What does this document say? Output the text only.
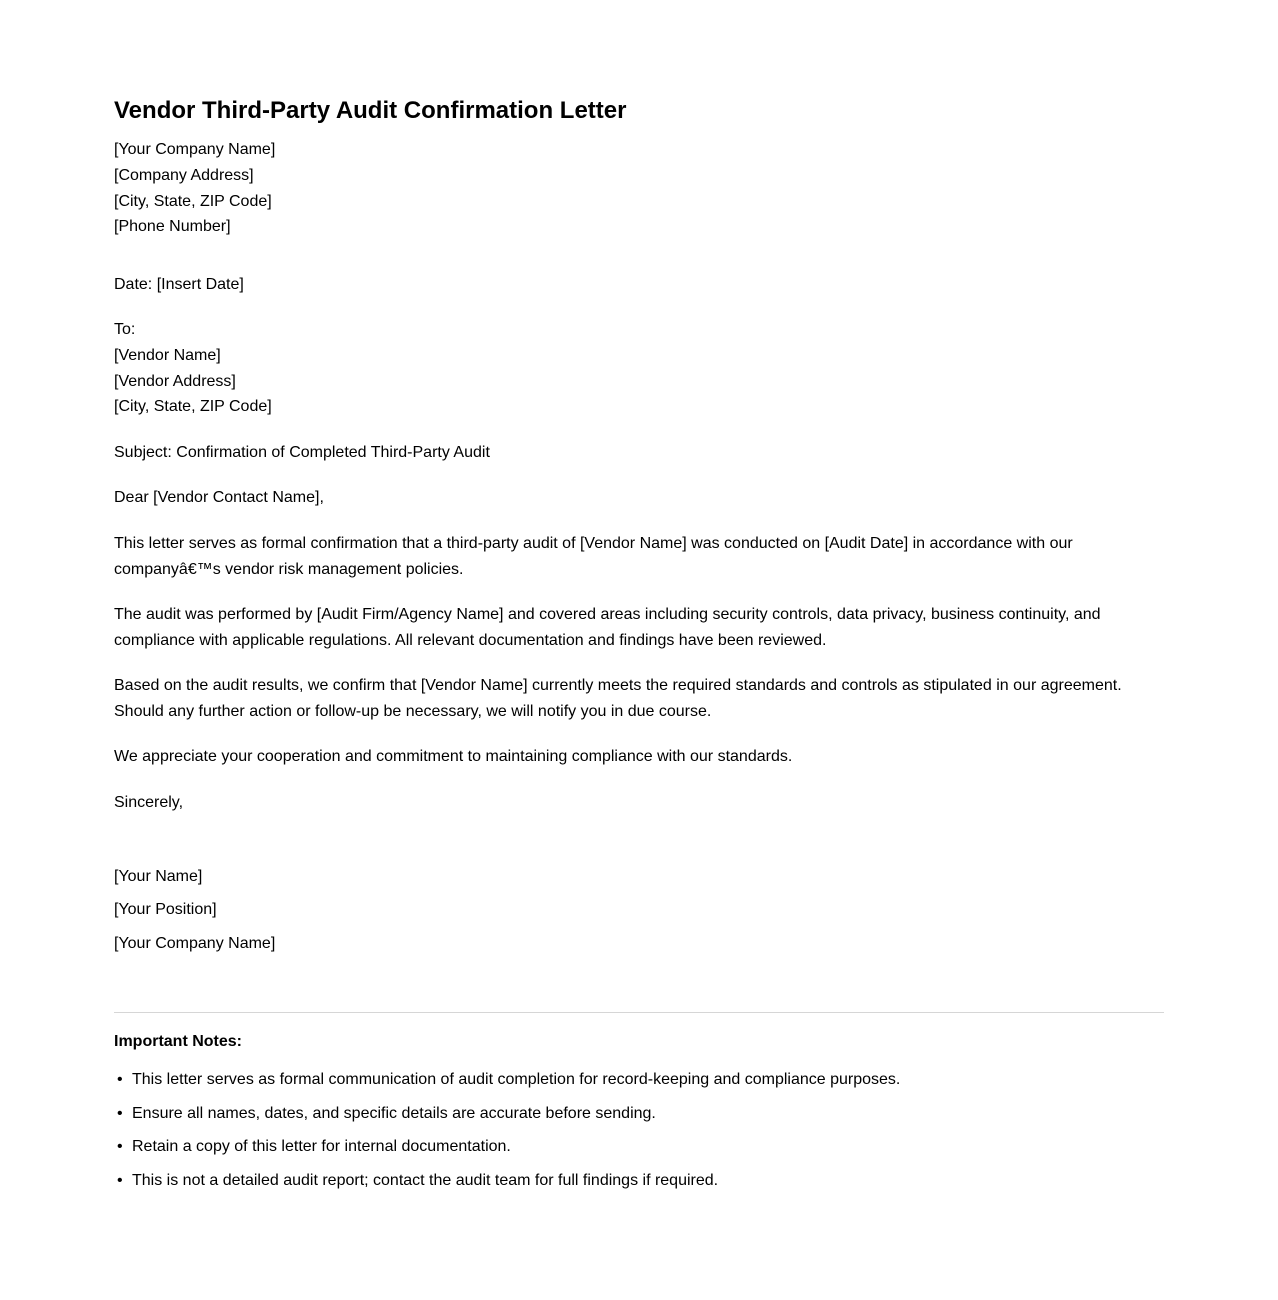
Vendor Third-Party Audit Confirmation Letter
[Your Company Name]
[Company Address]
[City, State, ZIP Code]
[Phone Number]
Date: [Insert Date]
To:
[Vendor Name]
[Vendor Address]
[City, State, ZIP Code]
Subject: Confirmation of Completed Third-Party Audit
Dear [Vendor Contact Name],

This letter serves as formal confirmation that a third-party audit of [Vendor Name] was conducted on [Audit Date] in accordance with our companyâ€™s vendor risk management policies.

The audit was performed by [Audit Firm/Agency Name] and covered areas including security controls, data privacy, business continuity, and compliance with applicable regulations. All relevant documentation and findings have been reviewed.

Based on the audit results, we confirm that [Vendor Name] currently meets the required standards and controls as stipulated in our agreement. Should any further action or follow-up be necessary, we will notify you in due course.

We appreciate your cooperation and commitment to maintaining compliance with our standards.

Sincerely,
[Your Name]
[Your Position]
[Your Company Name]
Important Notes:
• This letter serves as formal communication of audit completion for record-keeping and compliance purposes.
• Ensure all names, dates, and specific details are accurate before sending.
• Retain a copy of this letter for internal documentation.
• This is not a detailed audit report; contact the audit team for full findings if required.
